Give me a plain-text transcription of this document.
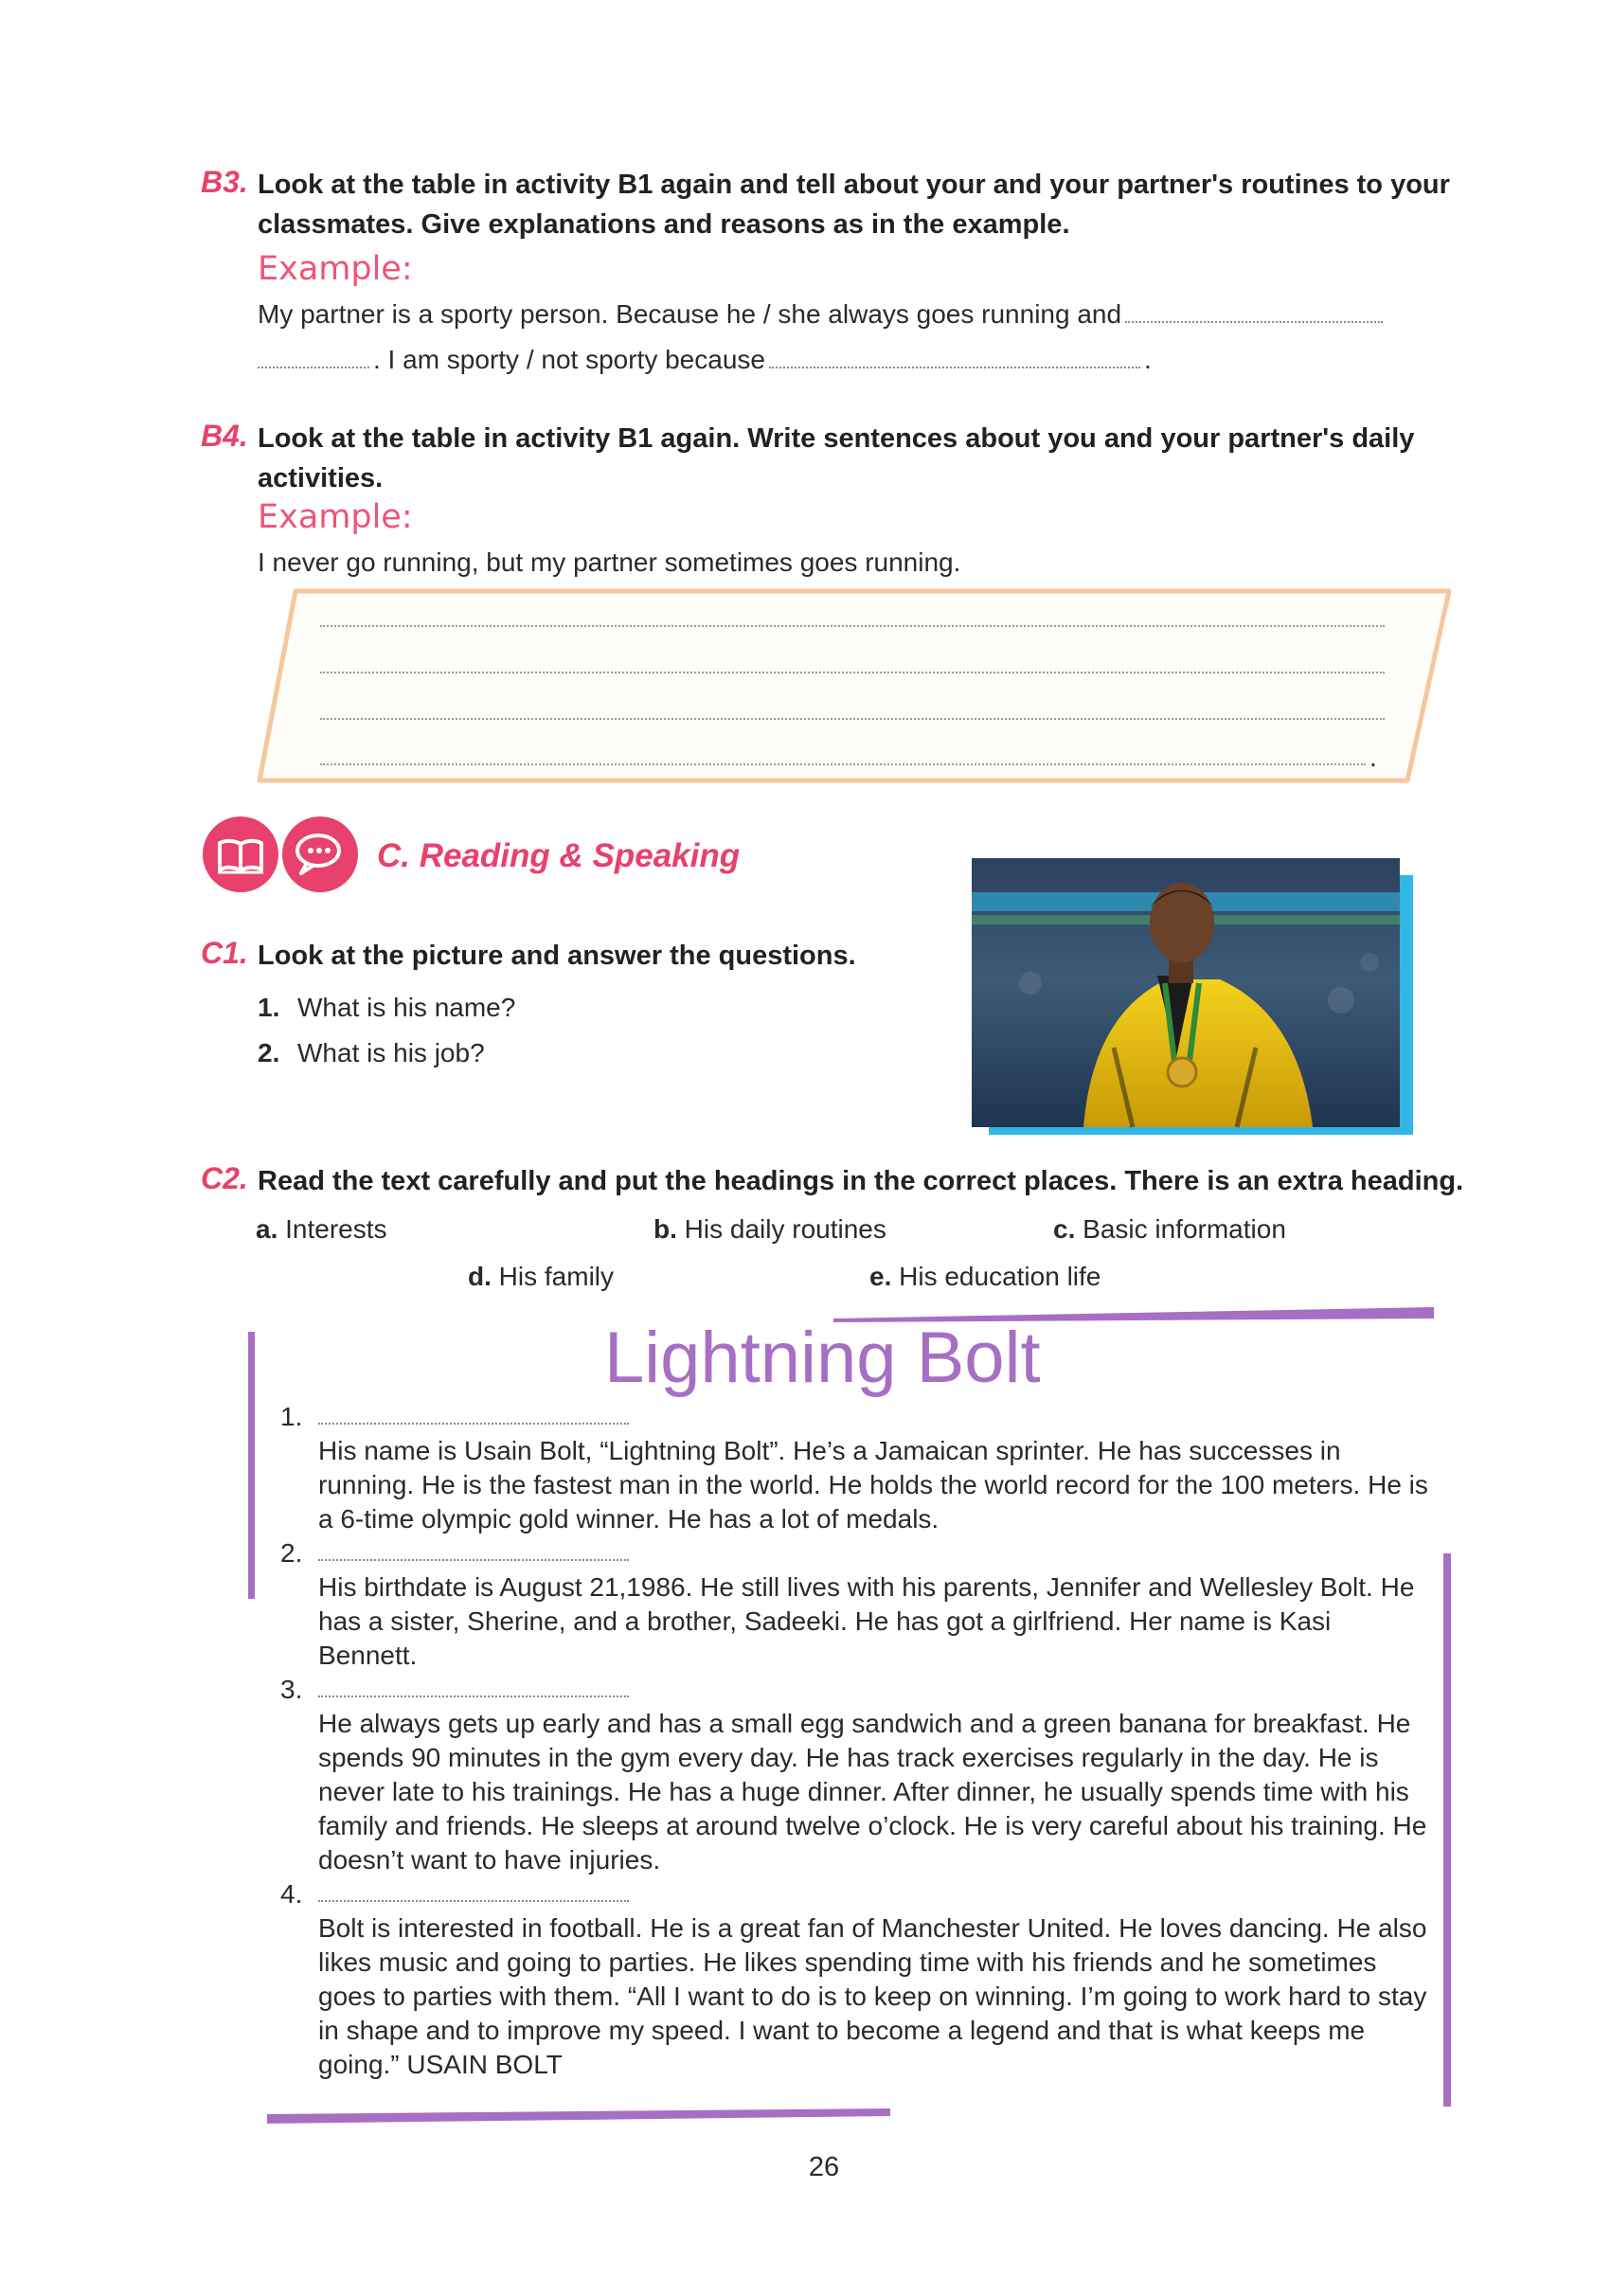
B3. Look at the table in activity B1 again and tell about your and your partner's routines to your classmates. Give explanations and reasons as in the example.
Example:
My partner is a sporty person. Because he / she always goes running and
. I am sporty / not sporty because	.
B4. Look at the table in activity B1 again. Write sentences about you and your partner's daily activities.
Example:
I never go running, but my partner sometimes goes running.
.
C. Reading & Speaking
C1. Look at the picture and answer the questions.
1. What is his name?
2. What is his job?
C2. Read the text carefully and put the headings in the correct places. There is an extra heading.
a. Interests	b. His daily routines	c. Basic information
d. His family	e. His education life
Lightning Bolt
1.
His name is Usain Bolt, “Lightning Bolt”. He’s a Jamaican sprinter. He has successes in running. He is the fastest man in the world. He holds the world record for the 100 meters. He is a 6-time olympic gold winner. He has a lot of medals.
2.
His birthdate is August 21,1986. He still lives with his parents, Jennifer and Wellesley Bolt. He has a sister, Sherine, and a brother, Sadeeki. He has got a girlfriend. Her name is Kasi Bennett.
3.
He always gets up early and has a small egg sandwich and a green banana for breakfast. He spends 90 minutes in the gym every day. He has track exercises regularly in the day. He is never late to his trainings. He has a huge dinner. After dinner, he usually spends time with his family and friends. He sleeps at around twelve o’clock. He is very careful about his training. He doesn’t want to have injuries.
4.
Bolt is interested in football. He is a great fan of Manchester United. He loves dancing. He also likes music and going to parties. He likes spending time with his friends and he sometimes goes to parties with them. “All I want to do is to keep on winning. I’m going to work hard to stay in shape and to improve my speed. I want to become a legend and that is what keeps me going.” USAIN BOLT
26
